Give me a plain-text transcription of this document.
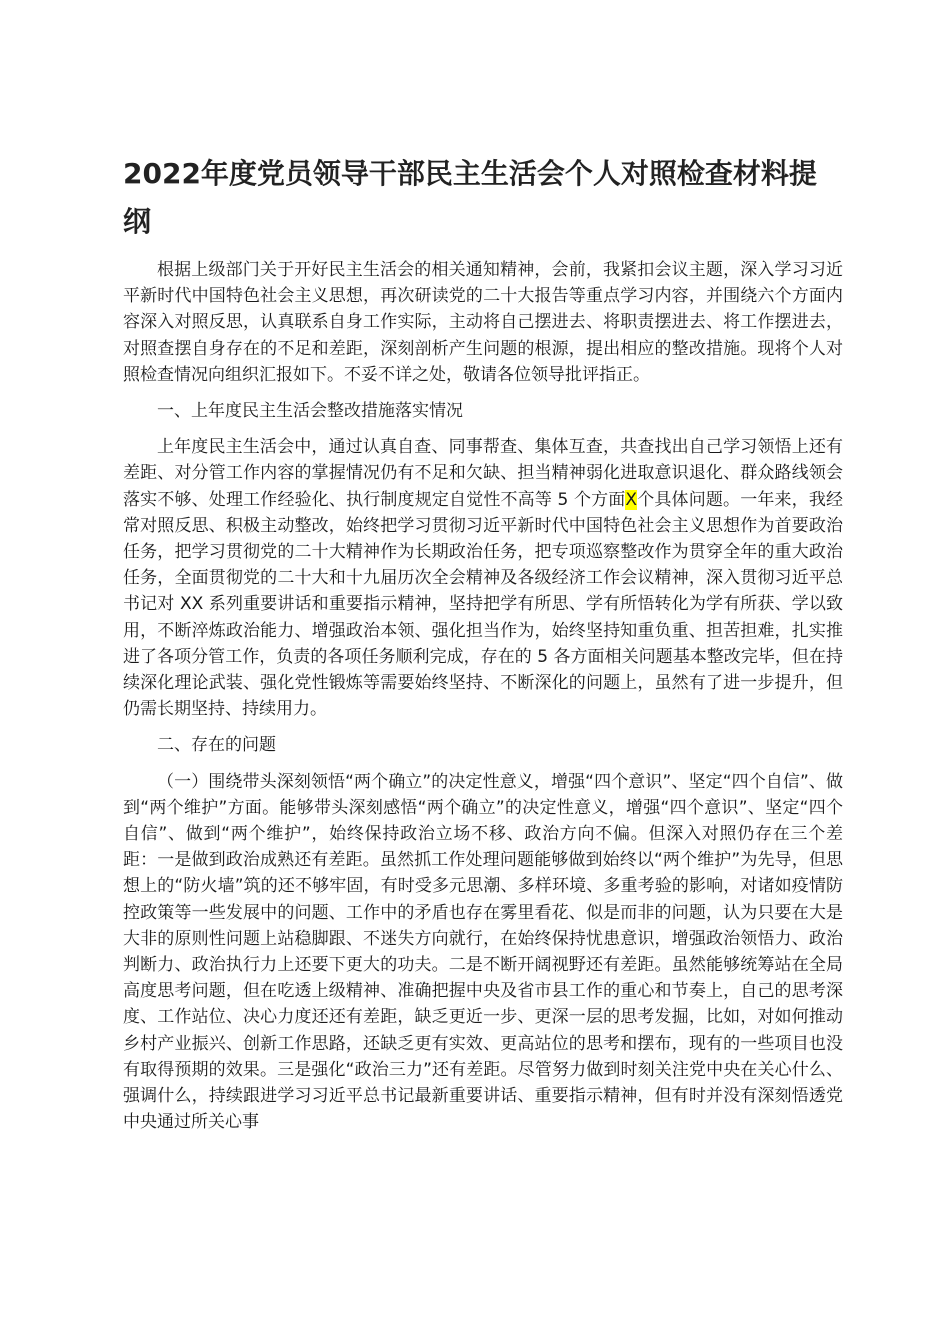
2022年度党员领导干部民主生活会个人对照检查材料提纲

根据上级部门关于开好民主生活会的相关通知精神，会前，我紧扣会议主题，深入学习习近平新时代中国特色社会主义思想，再次研读党的二十大报告等重点学习内容，并围绕六个方面内容深入对照反思，认真联系自身工作实际，主动将自己摆进去、将职责摆进去、将工作摆进去，对照查摆自身存在的不足和差距，深刻剖析产生问题的根源，提出相应的整改措施。现将个人对照检查情况向组织汇报如下。不妥不详之处，敬请各位领导批评指正。

一、上年度民主生活会整改措施落实情况

上年度民主生活会中，通过认真自查、同事帮查、集体互查，共查找出自己学习领悟上还有差距、对分管工作内容的掌握情况仍有不足和欠缺、担当精神弱化进取意识退化、群众路线领会落实不够、处理工作经验化、执行制度规定自觉性不高等 5 个方面X个具体问题。一年来，我经常对照反思、积极主动整改，始终把学习贯彻习近平新时代中国特色社会主义思想作为首要政治任务，把学习贯彻党的二十大精神作为长期政治任务，把专项巡察整改作为贯穿全年的重大政治任务，全面贯彻党的二十大和十九届历次全会精神及各级经济工作会议精神，深入贯彻习近平总书记对 XX 系列重要讲话和重要指示精神，坚持把学有所思、学有所悟转化为学有所获、学以致用，不断淬炼政治能力、增强政治本领、强化担当作为，始终坚持知重负重、担苦担难，扎实推进了各项分管工作，负责的各项任务顺利完成，存在的 5 各方面相关问题基本整改完毕，但在持续深化理论武装、强化党性锻炼等需要始终坚持、不断深化的问题上，虽然有了进一步提升，但仍需长期坚持、持续用力。

二、存在的问题

（一）围绕带头深刻领悟“两个确立”的决定性意义，增强“四个意识”、坚定“四个自信”、做到“两个维护”方面。能够带头深刻感悟“两个确立”的决定性意义，增强“四个意识”、坚定“四个自信”、做到“两个维护”，始终保持政治立场不移、政治方向不偏。但深入对照仍存在三个差距：一是做到政治成熟还有差距。虽然抓工作处理问题能够做到始终以“两个维护”为先导，但思想上的“防火墙”筑的还不够牢固，有时受多元思潮、多样环境、多重考验的影响，对诸如疫情防控政策等一些发展中的问题、工作中的矛盾也存在雾里看花、似是而非的问题，认为只要在大是大非的原则性问题上站稳脚跟、不迷失方向就行，在始终保持忧患意识，增强政治领悟力、政治判断力、政治执行力上还要下更大的功夫。二是不断开阔视野还有差距。虽然能够统筹站在全局高度思考问题，但在吃透上级精神、准确把握中央及省市县工作的重心和节奏上，自己的思考深度、工作站位、决心力度还还有差距，缺乏更近一步、更深一层的思考发掘，比如，对如何推动乡村产业振兴、创新工作思路，还缺乏更有实效、更高站位的思考和摆布，现有的一些项目也没有取得预期的效果。三是强化“政治三力”还有差距。尽管努力做到时刻关注党中央在关心什么、强调什么，持续跟进学习习近平总书记最新重要讲话、重要指示精神，但有时并没有深刻悟透党中央通过所关心事
